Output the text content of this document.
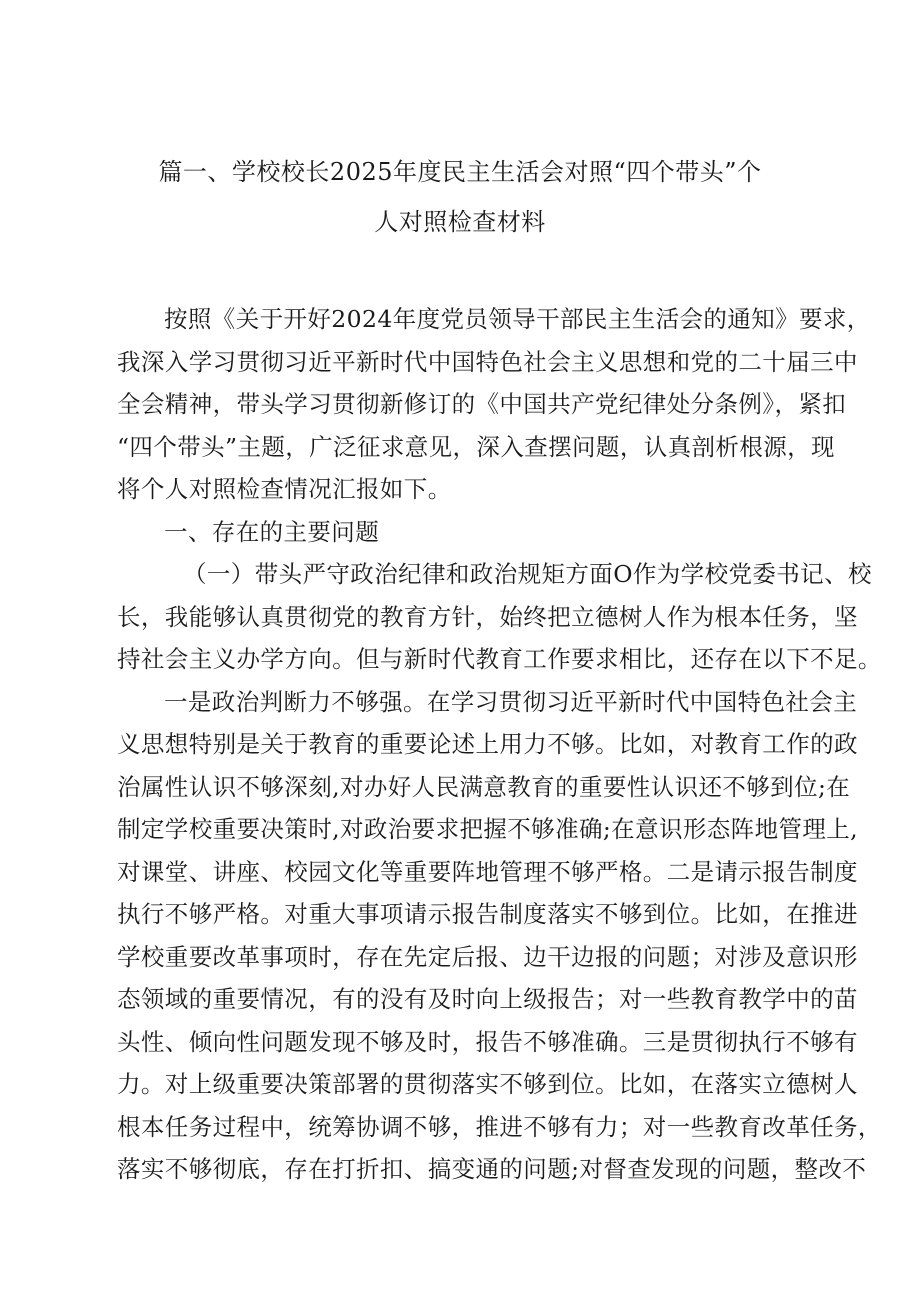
篇一、学校校长2025年度民主生活会对照“四个带头”个
人对照检查材料
按照《关于开好2024年度党员领导干部民主生活会的通知》要求，
我深入学习贯彻习近平新时代中国特色社会主义思想和党的二十届三中
全会精神，带头学习贯彻新修订的《中国共产党纪律处分条例》，紧扣
“四个带头”主题，广泛征求意见，深入查摆问题，认真剖析根源，现
将个人对照检查情况汇报如下。
一、存在的主要问题
（一）带头严守政治纪律和政治规矩方面O作为学校党委书记、校
长，我能够认真贯彻党的教育方针，始终把立德树人作为根本任务，坚
持社会主义办学方向。但与新时代教育工作要求相比，还存在以下不足。
一是政治判断力不够强。在学习贯彻习近平新时代中国特色社会主
义思想特别是关于教育的重要论述上用力不够。比如，对教育工作的政
治属性认识不够深刻,对办好人民满意教育的重要性认识还不够到位;在
制定学校重要决策时,对政治要求把握不够准确;在意识形态阵地管理上,
对课堂、讲座、校园文化等重要阵地管理不够严格。二是请示报告制度
执行不够严格。对重大事项请示报告制度落实不够到位。比如，在推进
学校重要改革事项时，存在先定后报、边干边报的问题；对涉及意识形
态领域的重要情况，有的没有及时向上级报告；对一些教育教学中的苗
头性、倾向性问题发现不够及时，报告不够准确。三是贯彻执行不够有
力。对上级重要决策部署的贯彻落实不够到位。比如，在落实立德树人
根本任务过程中，统筹协调不够，推进不够有力；对一些教育改革任务，
落实不够彻底，存在打折扣、搞变通的问题;对督查发现的问题，整改不
